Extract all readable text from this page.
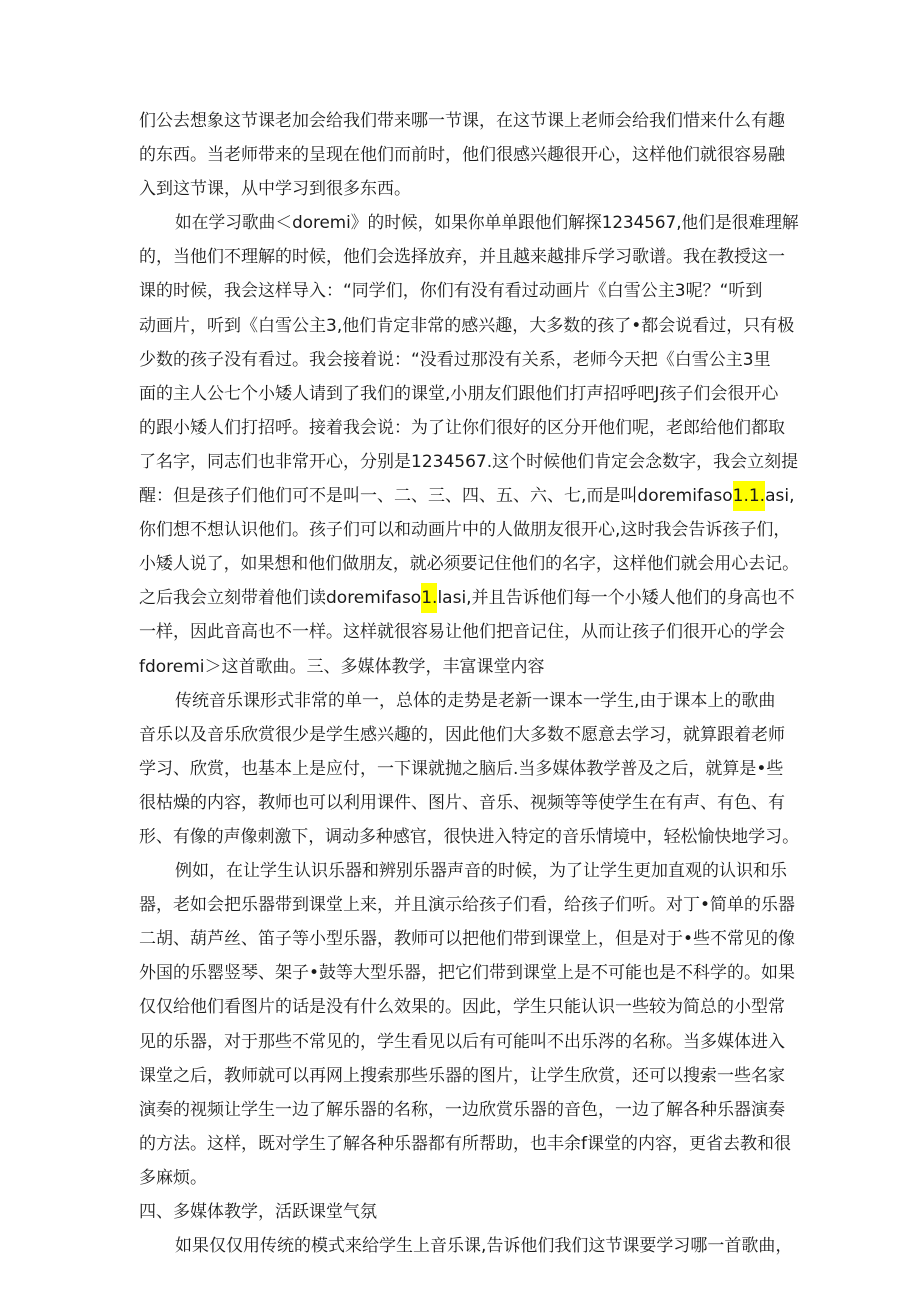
们公去想象这节课老加会给我们带来哪一节课，在这节课上老师会给我们惜来什么有趣
的东西。当老师带来的呈现在他们而前时，他们很感兴趣很开心，这样他们就很容易融
入到这节课，从中学习到很多东西。
如在学习歌曲＜doremi》的时候，如果你单单跟他们解探1234567,他们是很难理解
的，当他们不理解的时候，他们会选择放弃，并且越来越排斥学习歌谱。我在教授这一
课的时候，我会这样导入：“同学们，你们有没有看过动画片《白雪公主3呢？“听到
动画片，听到《白雪公主3,他们肯定非常的感兴趣，大多数的孩了•都会说看过，只有极
少数的孩子没有看过。我会接着说：“没看过那没有关系，老师今天把《白雪公主3里
面的主人公七个小矮人请到了我们的课堂,小朋友们跟他们打声招呼吧J孩子们会很开心
的跟小矮人们打招呼。接着我会说：为了让你们很好的区分开他们呢，老郎给他们都取
了名字，同志们也非常开心，分别是1234567.这个时候他们肯定会念数字，我会立刻提
醒：但是孩子们他们可不是叫一、二、三、四、五、六、七,而是叫doremifaso1.1.asi,
你们想不想认识他们。孩子们可以和动画片中的人做朋友很开心,这时我会告诉孩子们，
小矮人说了，如果想和他们做朋友，就必须要记住他们的名字，这样他们就会用心去记。
之后我会立刻带着他们读doremifaso1.lasi,并且告诉他们每一个小矮人他们的身高也不
一样，因此音高也不一样。这样就很容易让他们把音记住，从而让孩子们很开心的学会
fdoremi＞这首歌曲。三、多媒体教学，丰富课堂内容
传统音乐课形式非常的单一，总体的走势是老新一课本一学生,由于课本上的歌曲
音乐以及音乐欣赏很少是学生感兴趣的，因此他们大多数不愿意去学习，就算跟着老师
学习、欣赏，也基本上是应付，一下课就抛之脑后.当多媒体教学普及之后，就算是•些
很枯燥的内容，教师也可以利用课件、图片、音乐、视频等等使学生在有声、有色、有
形、有像的声像刺激下，调动多种感官，很快进入特定的音乐情境中，轻松愉快地学习。
例如，在让学生认识乐器和辨别乐器声音的时候，为了让学生更加直观的认识和乐
器，老如会把乐器带到课堂上来，并且演示给孩子们看，给孩子们听。对丁•简单的乐器
二胡、葫芦丝、笛子等小型乐器，教师可以把他们带到课堂上，但是对于•些不常见的像
外国的乐罂竖琴、架子•鼓等大型乐器，把它们带到课堂上是不可能也是不科学的。如果
仅仅给他们看图片的话是没有什么效果的。因此，学生只能认识一些较为简总的小型常
见的乐器，对于那些不常见的，学生看见以后有可能叫不出乐涔的名称。当多媒体进入
课堂之后，教师就可以再网上搜索那些乐器的图片，让学生欣赏，还可以搜索一些名家
演奏的视频让学生一边了解乐器的名称，一边欣赏乐器的音色，一边了解各种乐器演奏
的方法。这样，既对学生了解各种乐器都有所帮助，也丰余f课堂的内容，更省去教和很
多麻烦。
四、多媒体教学，活跃课堂气氛
如果仅仅用传统的模式来给学生上音乐课,告诉他们我们这节课要学习哪一首歌曲，
